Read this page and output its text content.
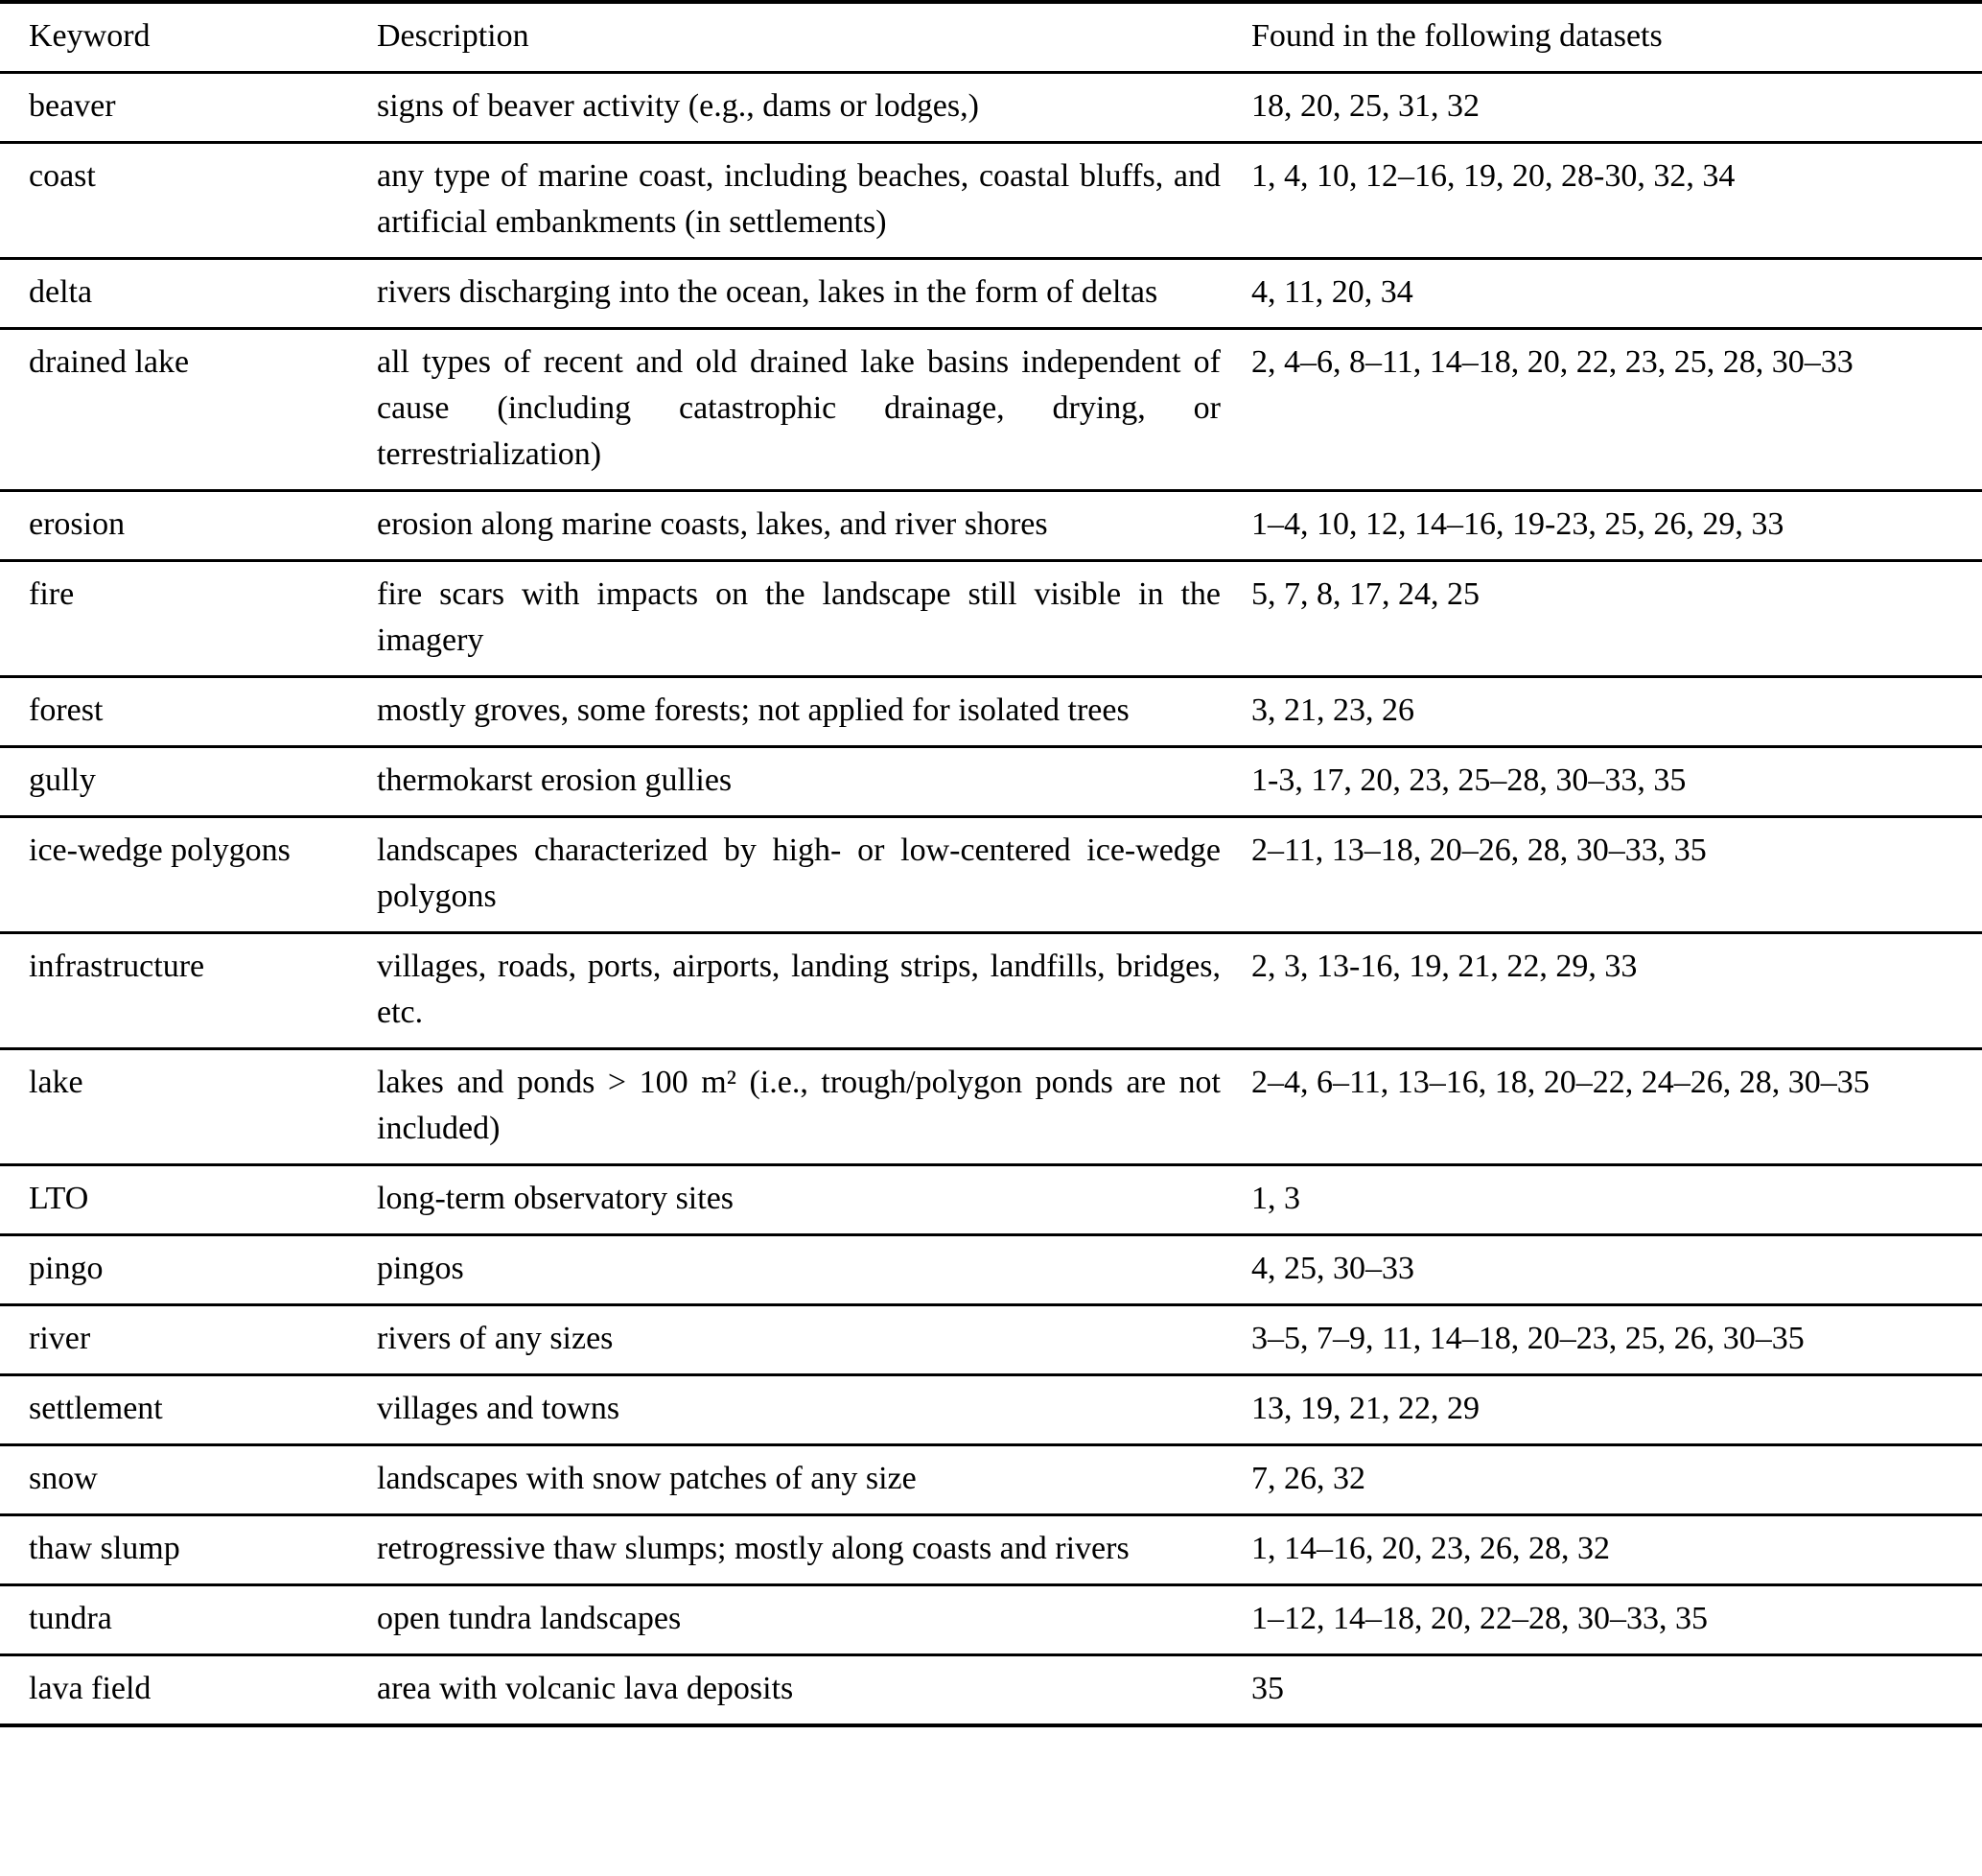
Keyword	Description	Found in the following datasets
beaver	signs of beaver activity (e.g., dams or lodges,)	18, 20, 25, 31, 32
coast	any type of marine coast, including beaches, coastal bluffs, and artificial embankments (in settlements)	1, 4, 10, 12–16, 19, 20, 28-30, 32, 34
delta	rivers discharging into the ocean, lakes in the form of deltas	4, 11, 20, 34
drained lake	all types of recent and old drained lake basins independent of cause (including catastrophic drainage, drying, or terrestrialization)	2, 4–6, 8–11, 14–18, 20, 22, 23, 25, 28, 30–33
erosion	erosion along marine coasts, lakes, and river shores	1–4, 10, 12, 14–16, 19-23, 25, 26, 29, 33
fire	fire scars with impacts on the landscape still visible in the imagery	5, 7, 8, 17, 24, 25
forest	mostly groves, some forests; not applied for isolated trees	3, 21, 23, 26
gully	thermokarst erosion gullies	1-3, 17, 20, 23, 25–28, 30–33, 35
ice-wedge polygons	landscapes characterized by high- or low-centered ice-wedge polygons	2–11, 13–18, 20–26, 28, 30–33, 35
infrastructure	villages, roads, ports, airports, landing strips, landfills, bridges, etc.	2, 3, 13-16, 19, 21, 22, 29, 33
lake	lakes and ponds > 100 m² (i.e., trough/polygon ponds are not included)	2–4, 6–11, 13–16, 18, 20–22, 24–26, 28, 30–35
LTO	long-term observatory sites	1, 3
pingo	pingos	4, 25, 30–33
river	rivers of any sizes	3–5, 7–9, 11, 14–18, 20–23, 25, 26, 30–35
settlement	villages and towns	13, 19, 21, 22, 29
snow	landscapes with snow patches of any size	7, 26, 32
thaw slump	retrogressive thaw slumps; mostly along coasts and rivers	1, 14–16, 20, 23, 26, 28, 32
tundra	open tundra landscapes	1–12, 14–18, 20, 22–28, 30–33, 35
lava field	area with volcanic lava deposits	35
